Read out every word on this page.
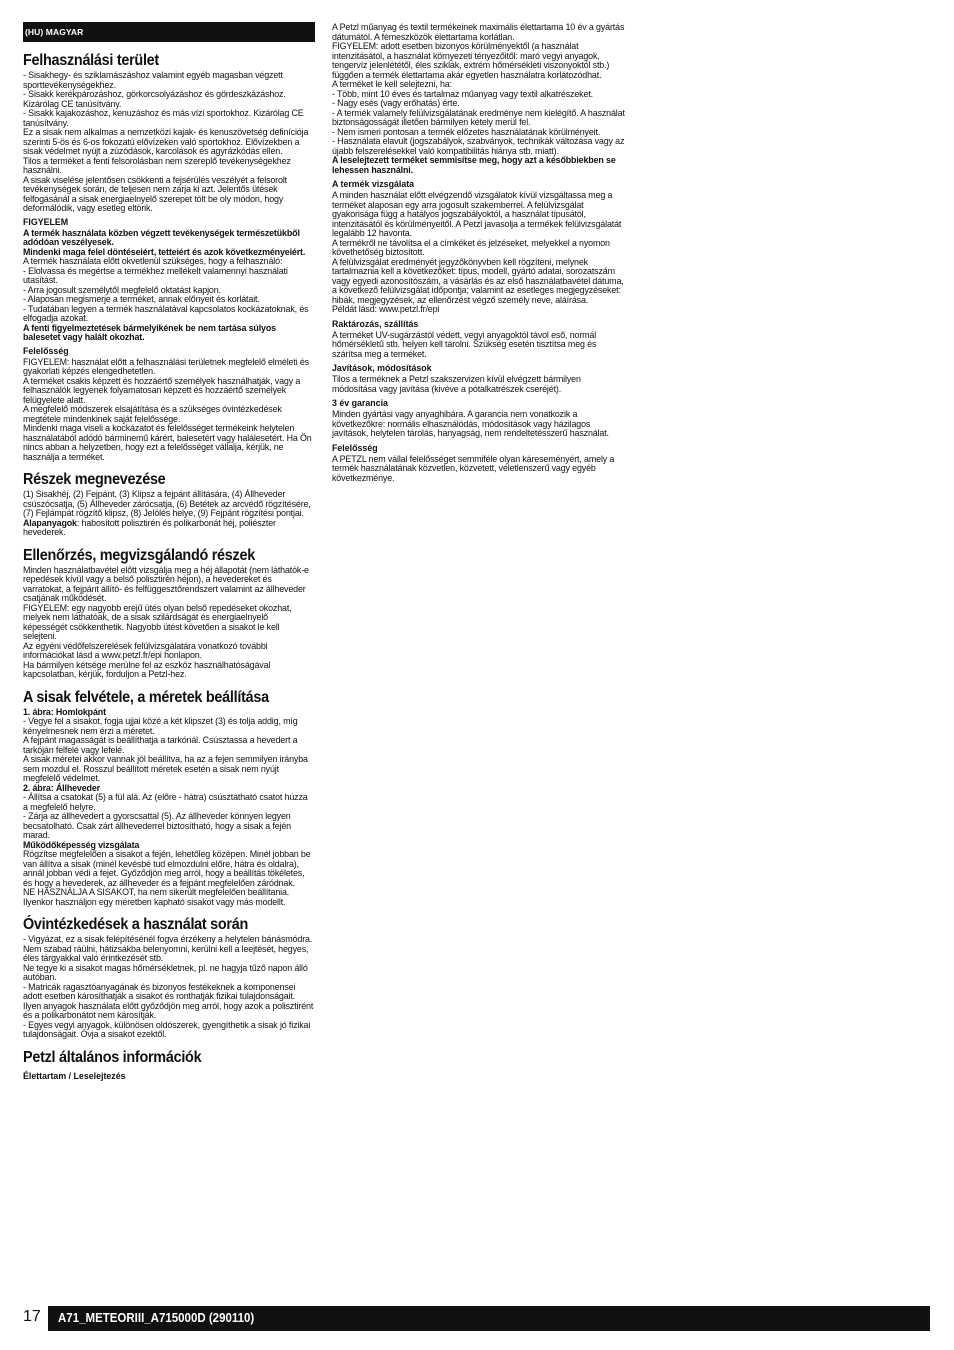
(HU) MAGYAR
Felhasználási terület
- Sisakhegy- és sziklamászáshoz valamint egyéb magasban végzett sporttevékenységekhez.
- Sisakk kerékpározáshoz, görkorcsolyázáshoz és gördeszkázáshoz. Kizárólag CE tanúsítvány.
- Sisakk kajakozáshoz, kenuzáshoz és más vízi sportokhoz. Kizárólag CE tanúsítvány.
Ez a sisak nem alkalmas a nemzetközi kajak- és kenuszövetség definíciója szerinti 5-ös és 6-os fokozatú elővízeken való sportokhoz. Elővízekben a sisak védelmet nyújt a zúzódások, karcolások és agyrázkódás ellen.
Tilos a terméket a fenti felsorolásban nem szereplő tevékenységekhez használni.
A sisak viselése jelentősen csökkenti a fejsérülés veszélyét a felsorolt tevékenységek során, de teljesen nem zárja ki azt. Jelentős ütések felfogásánál a sisak energiaelnyelő szerepet tölt be oly módon, hogy deformálódik, vagy esetleg eltörik.
FIGYELEM
A termék használata közben végzett tevékenységek természetükből adódóan veszélyesek.
Mindenki maga felel döntéseiért, tetteiért és azok következményeiért.
A termék használata előtt okvetlenül szükséges, hogy a felhasználó:
- Elolvassa és megértse a termékhez mellékelt valamennyi használati utasítást.
- Arra jogosult személytől megfelelő oktatást kapjon.
- Alaposan megismerje a terméket, annak előnyeit és korlátait.
- Tudatában legyen a termék használatával kapcsolatos kockázatoknak, és elfogadja azokat.
A fenti figyelmeztetések bármelyikének be nem tartása súlyos balesetet vagy halált okozhat.
Felelősség
FIGYELEM: használat előtt a felhasználási területnek megfelelő elméleti és gyakorlati képzés elengedhetetlen.
A terméket csakis képzett és hozzáértő személyek használhatják, vagy a felhasználók legyenek folyamatosan képzett és hozzáértő személyek felügyelete alatt.
A megfelelő módszerek elsajátítása és a szükséges óvintézkedések megtétele mindenkinek saját felelőssége.
Mindenki maga viseli a kockázatot és felelősséget termékeink helytelen használatából adódó bárminemű kárért, balesetért vagy halálesetért. Ha Ön nincs abban a helyzetben, hogy ezt a felelősséget vállalja, kérjük, ne használja a terméket.
Részek megnevezése
(1) Sisakhéj, (2) Fejpánt, (3) Klipsz a fejpánt állítására, (4) Állheveder csúszócsatja, (5) Állheveder zárócsatja, (6) Betétek az arcvédő rögzítésére, (7) Fejlámpát rögzítő klipsz, (8) Jelölés helye, (9) Fejpánt rögzítési pontjai.
Alapanyagok: habosított polisztirén és polikarbonát héj, poliészter hevederek.
Ellenőrzés, megvizsgálandó részek
Minden használatbavétel előtt vizsgálja meg a héj állapotát (nem láthatók-e repedések kívül vagy a belső polisztirén héjon), a hevedereket és varratokat, a fejpánt állító- és felfüggesztőrendszert valamint az állheveder csatjának működését.
FIGYELEM: egy nagyobb erejű ütés olyan belső repedéseket okozhat, melyek nem láthatóak, de a sisak szilárdságát és energiaelnyelő képességét csökkenthetik. Nagyobb ütést követően a sisakot le kell selejteni.
Az egyéni védőfelszerelések felülvizsgálatára vonatkozó további információkat lásd a www.petzl.fr/epi honlapon.
Ha bármilyen kétsége merülne fel az eszköz használhatóságával kapcsolatban, kérjük, forduljon a Petzl-hez.
A sisak felvétele, a méretek beállítása
1. ábra: Homlokpánt
- Vegye fel a sisakot, fogja ujjai közé a két klipszet (3) és tolja addig, míg kényelmesnek nem érzi a méretet.
A fejpánt magasságát is beállíthatja a tarkónál. Csúsztassa a hevedert a tarkóján felfelé vagy lefelé.
A sisak méretei akkor vannak jól beállítva, ha az a fejen semmilyen irányba sem mozdul el. Rosszul beállított méretek esetén a sisak nem nyújt megfelelő védelmet.
2. ábra: Állheveder
- Állítsa a csatokat (5) a fül alá. Az (előre - hátra) csúsztatható csatot húzza a megfelelő helyre.
- Zárja az állhevedert a gyorscsattal (5). Az állheveder könnyen legyen becsatolható. Csak zárt állhevederrel biztosítható, hogy a sisak a fején marad.
Működőképesség vizsgálata
Rögzítse megfelelően a sisakot a fején, lehetőleg középen. Minél jobban be van állítva a sisak (minél kevésbé tud elmozdulni előre, hátra és oldalra), annál jobban védi a fejet. Győződjön meg arról, hogy a beállítás tökéletes, és hogy a hevederek, az állheveder és a fejpánt megfelelően záródnak.
NE HASZNÁLJA A SISAKOT, ha nem sikerült megfelelően beállítania. Ilyenkor használjon egy méretben kapható sisakot vagy más modellt.
Óvintézkedések a használat során
- Vigyázat, ez a sisak felépítésénél fogva érzékeny a helytelen bánásmódra. Nem szabad ráülni, hátizsákba belenyomni, kerülni kell a leejtését, hegyes, éles tárgyakkal való érintkezését stb.
Ne tegye ki a sisakot magas hőmérsékletnek, pl. ne hagyja tűző napon álló autóban.
- Matricák ragasztóanyagának és bizonyos festékeknek a komponensei adott esetben károsíthatják a sisakot és ronthatják fizikai tulajdonságait. Ilyen anyagok használata előtt győződjön meg arról, hogy azok a polisztirént és a polikarbonátot nem károsítják.
- Egyes vegyi anyagok, különösen oldószerek, gyengíthetik a sisak jó fizikai tulajdonságait. Óvja a sisakot ezektől.
Petzl általános információk
Élettartam / Leselejtezés
A Petzl műanyag és textil termékeinek maximális élettartama 10 év a gyártás dátumától. A fémeszközök élettartama korlátlan.
FIGYELEM: adott esetben bizonyos körülményektől (a használat intenzitásától, a használat környezeti tényezőitől: maró vegyi anyagok, tengervíz jelenlététől, éles sziklák, extrém hőmérsékleti viszonyoktól stb.) függően a termék élettartama akár egyetlen használatra korlátozódhat.
A terméket le kell selejtezni, ha:
- Több, mint 10 éves és tartalmaz műanyag vagy textil alkatrészeket.
- Nagy esés (vagy erőhatás) érte.
- A termék valamely felülvizsgálatának eredménye nem kielégítő. A használat biztonságosságát illetően bármilyen kétely merül fel.
- Nem ismeri pontosan a termék előzetes használatának körülményeit.
- Használata elavult (jogszabályok, szabványok, technikák változása vagy az újabb felszerelésekkel való kompatibilitás hiánya stb. miatt).
A leselejtezett terméket semmisítse meg, hogy azt a későbbiekben se lehessen használni.
A termék vizsgálata
A minden használat előtt elvégzendő vizsgálatok kívül vizsgáltassa meg a terméket alaposan egy arra jogosult szakemberrel. A felülvizsgálat gyakorisága függ a hatályos jogszabályoktól, a használat típusától, intenzitásától és körülményeitől. A Petzl javasolja a termékek felülvizsgálatát legalább 12 havonta.
A termékről ne távolítsa el a címkéket és jelzéseket, melyekkel a nyomon követhetőség biztosított.
A felülvizsgálat eredményét jegyzőkönyvben kell rögzíteni, melynek tartalmaznia kell a következőket: típus, modell, gyártó adatai, sorozatszám vagy egyedi azonosítószám, a vásárlás és az első használatbavétel dátuma, a következő felülvizsgálat időpontja; valamint az esetleges megjegyzéseket: hibák, megjegyzések, az ellenőrzést végző személy neve, aláírása.
Példát lásd: www.petzl.fr/epi
Raktározás, szállítás
A terméket UV-sugárzástól védett, vegyi anyagoktól távol eső, normál hőmérsékletű stb. helyen kell tárolni. Szükség esetén tisztítsa meg és szárítsa meg a terméket.
Javítások, módosítások
Tilos a terméknek a Petzl szakszervizen kívül elvégzett bármilyen módosítása vagy javítása (kivéve a pótalkatrészek cseréjét).
3 év garancia
Minden gyártási vagy anyaghibára. A garancia nem vonatkozik a következőkre: normális elhasználódás, módosítások vagy házilagos javítások, helytelen tárolás, hanyagság, nem rendeltetésszerű használat.
Felelősség
A PETZL nem vállal felelősséget semmiféle olyan káreseményért, amely a termék használatának közvetlen, közvetett, véletlenszerű vagy egyéb következménye.
17 A71_METEORIII_A715000D (290110)
